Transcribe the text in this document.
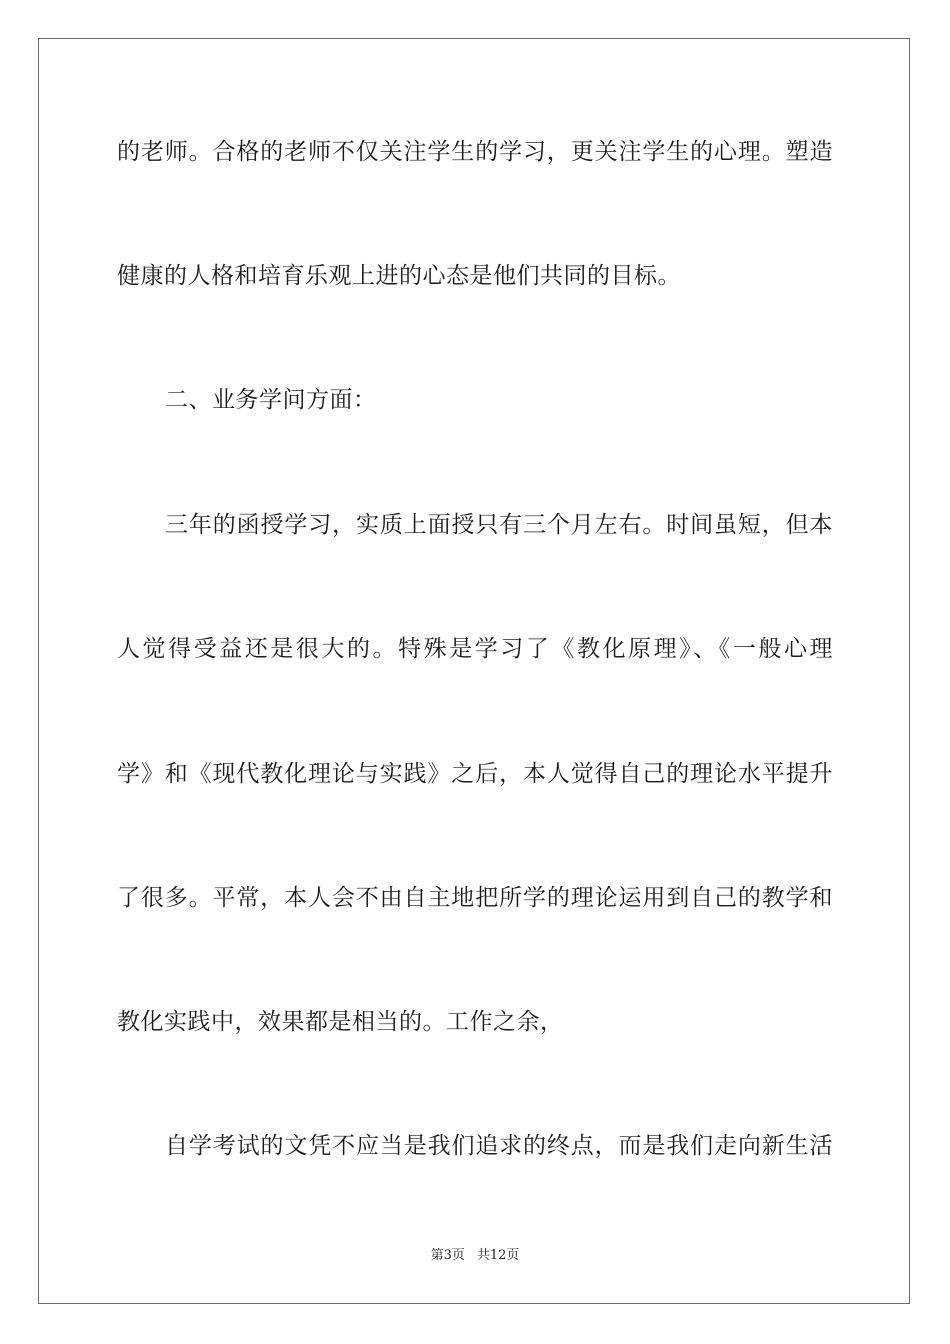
的老师。合格的老师不仅关注学生的学习，更关注学生的心理。塑造
健康的人格和培育乐观上进的心态是他们共同的目标。
二、业务学问方面：
三年的函授学习，实质上面授只有三个月左右。时间虽短，但本
人觉得受益还是很大的。特殊是学习了《教化原理》、《一般心理
学》和《现代教化理论与实践》之后，本人觉得自己的理论水平提升
了很多。平常，本人会不由自主地把所学的理论运用到自己的教学和
教化实践中，效果都是相当的。工作之余，
自学考试的文凭不应当是我们追求的终点，而是我们走向新生活
第3页 共12页
